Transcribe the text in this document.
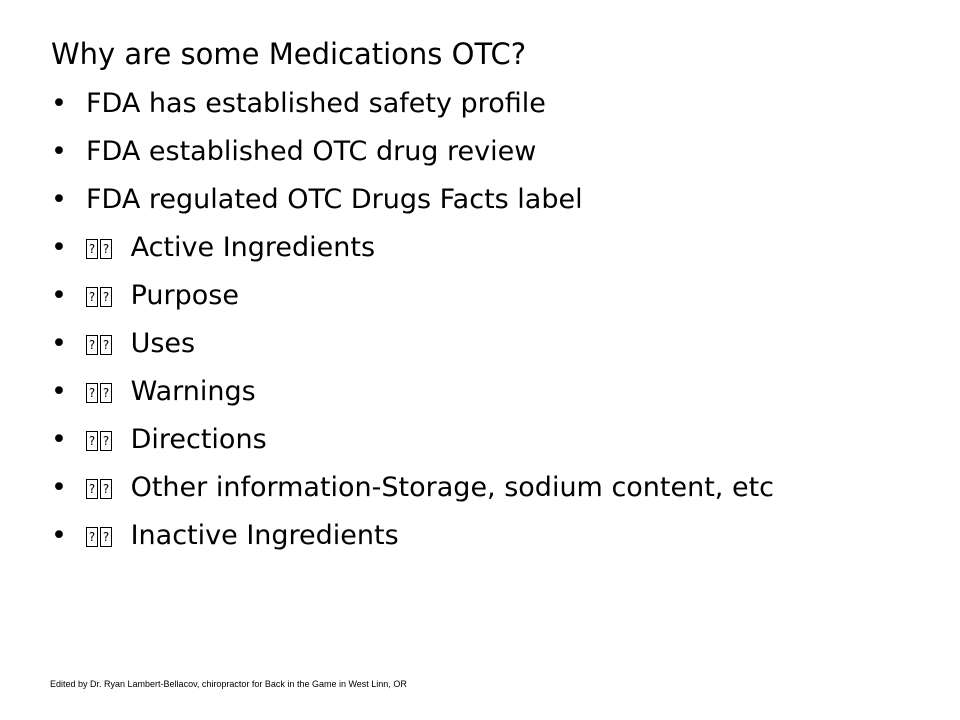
Why are some Medications OTC?
• FDA has established safety profile
• FDA established OTC drug review
• FDA regulated OTC Drugs Facts label
•	? ? Active Ingredients
•	? ? Purpose
•	? ? Uses
•	? ? Warnings
•	? ? Directions
•	? ? Other information-Storage, sodium content, etc
•	? ? Inactive Ingredients
Edited by Dr. Ryan Lambert-Bellacov, chiropractor for Back in the Game in West Linn, OR
